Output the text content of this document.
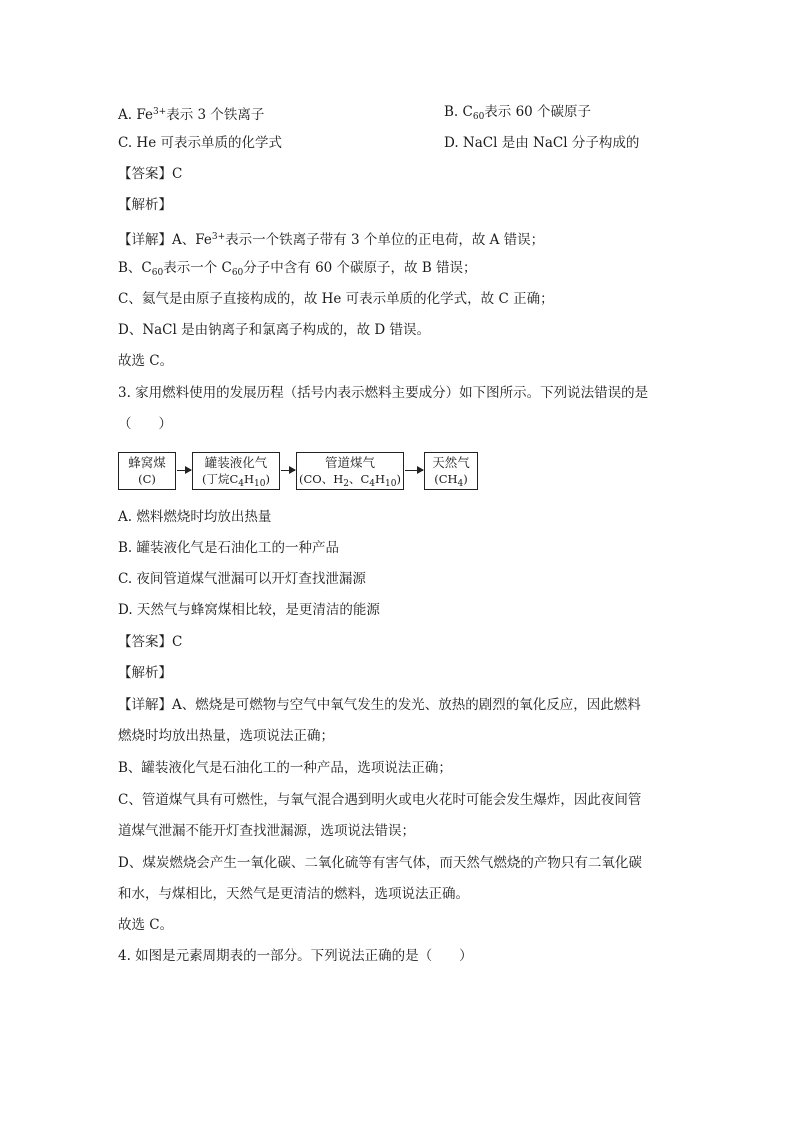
A. $Fe^{3+}$表示 3 个铁离子	B. $C_{60}$表示 60 个碳原子
C. He 可表示单质的化学式	D. NaCl 是由 NaCl 分子构成的
【答案】C
【解析】
【详解】A、$Fe^{3+}$表示一个铁离子带有 3 个单位的正电荷，故 A 错误；
B、$C_{60}$表示一个 $C_{60}$分子中含有 60 个碳原子，故 B 错误；
C、氦气是由原子直接构成的，故 He 可表示单质的化学式，故 C 正确；
D、NaCl 是由钠离子和氯离子构成的，故 D 错误。
故选 C。
3. 家用燃料使用的发展历程（括号内表示燃料主要成分）如下图所示。下列说法错误的是
（　　）
蜂窝煤
(C)
罐装液化气
(丁烷$C_4H_{10}$)
管道煤气
(CO、$H_2$、$C_4H_{10}$)
天然气
$(CH_4)$
A. 燃料燃烧时均放出热量
B. 罐装液化气是石油化工的一种产品
C. 夜间管道煤气泄漏可以开灯查找泄漏源
D. 天然气与蜂窝煤相比较，是更清洁的能源
【答案】C
【解析】
【详解】A、燃烧是可燃物与空气中氧气发生的发光、放热的剧烈的氧化反应，因此燃料
燃烧时均放出热量，选项说法正确；
B、罐装液化气是石油化工的一种产品，选项说法正确；
C、管道煤气具有可燃性，与氧气混合遇到明火或电火花时可能会发生爆炸，因此夜间管
道煤气泄漏不能开灯查找泄漏源，选项说法错误；
D、煤炭燃烧会产生一氧化碳、二氧化硫等有害气体，而天然气燃烧的产物只有二氧化碳
和水，与煤相比，天然气是更清洁的燃料，选项说法正确。
故选 C。
4. 如图是元素周期表的一部分。下列说法正确的是（　　）
